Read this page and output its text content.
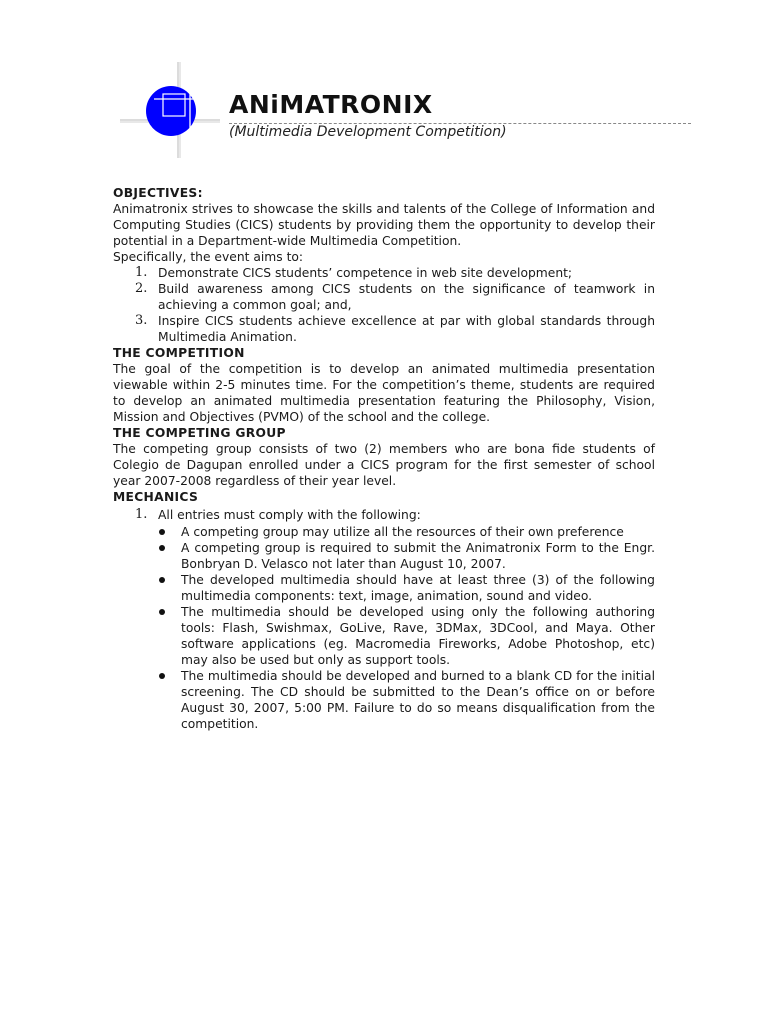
ANiMATRONIX

(Multimedia Development Competition)

OBJECTIVES:

Animatronix strives to showcase the skills and talents of the College of Information and Computing Studies (CICS) students by providing them the opportunity to develop their potential in a Department-wide Multimedia Competition.

Specifically, the event aims to:

1. Demonstrate CICS students’ competence in web site development;
2. Build awareness among CICS students on the significance of teamwork in achieving a common goal; and,
3. Inspire CICS students achieve excellence at par with global standards through Multimedia Animation.
THE COMPETITION

The goal of the competition is to develop an animated multimedia presentation viewable within 2-5 minutes time. For the competition’s theme, students are required to develop an animated multimedia presentation featuring the Philosophy, Vision, Mission and Objectives (PVMO) of the school and the college.

THE COMPETING GROUP

The competing group consists of two (2) members who are bona fide students of Colegio de Dagupan enrolled under a CICS program for the first semester of school year 2007-2008 regardless of their year level.

MECHANICS
1. All entries must comply with the following:
A competing group may utilize all the resources of their own preference
A competing group is required to submit the Animatronix Form to the Engr. Bonbryan D. Velasco not later than August 10, 2007.
The developed multimedia should have at least three (3) of the following multimedia components: text, image, animation, sound and video.
The multimedia should be developed using only the following authoring tools: Flash, Swishmax, GoLive, Rave, 3DMax, 3DCool, and Maya. Other software applications (eg. Macromedia Fireworks, Adobe Photoshop, etc) may also be used but only as support tools.
The multimedia should be developed and burned to a blank CD for the initial screening. The CD should be submitted to the Dean’s office on or before August 30, 2007, 5:00 PM. Failure to do so means disqualification from the competition.
